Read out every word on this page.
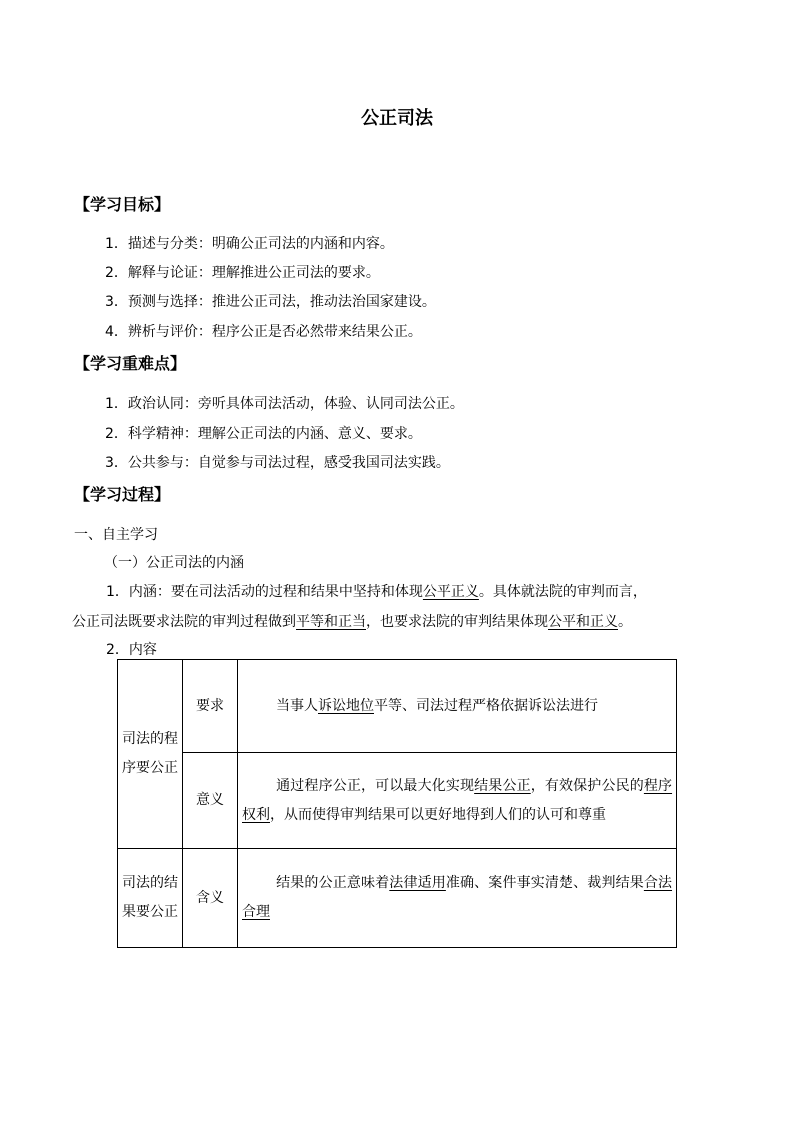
公正司法
【学习目标】

1．描述与分类：明确公正司法的内涵和内容。

2．解释与论证：理解推进公正司法的要求。

3．预测与选择：推进公正司法，推动法治国家建设。

4．辨析与评价：程序公正是否必然带来结果公正。

【学习重难点】

1．政治认同：旁听具体司法活动，体验、认同司法公正。

2．科学精神：理解公正司法的内涵、意义、要求。

3．公共参与：自觉参与司法过程，感受我国司法实践。

【学习过程】

一、自主学习

（一）公正司法的内涵

1．内涵：要在司法活动的过程和结果中坚持和体现公平正义。具体就法院的审判而言，

公正司法既要求法院的审判过程做到平等和正当，也要求法院的审判结果体现公平和正义。

2．内容

司法的程序要公正	要求	当事人诉讼地位平等、司法过程严格依据诉讼法进行
	意义	通过程序公正，可以最大化实现结果公正，有效保护公民的程序权利，从而使得审判结果可以更好地得到人们的认可和尊重
司法的结果要公正	含义	结果的公正意味着法律适用准确、案件事实清楚、裁判结果合法合理
